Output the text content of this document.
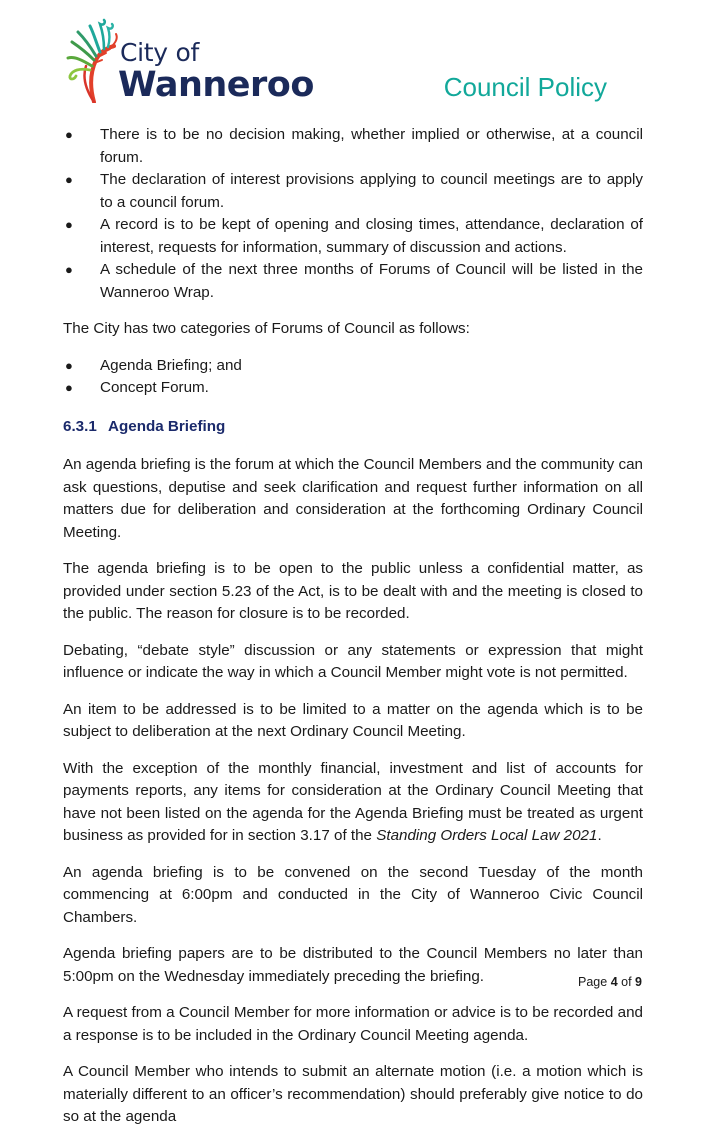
City of
Wanneroo	Council Policy
● There is to be no decision making, whether implied or otherwise, at a council forum.
● The declaration of interest provisions applying to council meetings are to apply to a council forum.
● A record is to be kept of opening and closing times, attendance, declaration of interest, requests for information, summary of discussion and actions.
● A schedule of the next three months of Forums of Council will be listed in the Wanneroo Wrap.

The City has two categories of Forums of Council as follows:

● Agenda Briefing; and
● Concept Forum.
6.3.1 Agenda Briefing

An agenda briefing is the forum at which the Council Members and the community can ask questions, deputise and seek clarification and request further information on all matters due for deliberation and consideration at the forthcoming Ordinary Council Meeting.

The agenda briefing is to be open to the public unless a confidential matter, as provided under section 5.23 of the Act, is to be dealt with and the meeting is closed to the public. The reason for closure is to be recorded.

Debating, “debate style” discussion or any statements or expression that might influence or indicate the way in which a Council Member might vote is not permitted.

An item to be addressed is to be limited to a matter on the agenda which is to be subject to deliberation at the next Ordinary Council Meeting.

With the exception of the monthly financial, investment and list of accounts for payments reports, any items for consideration at the Ordinary Council Meeting that have not been listed on the agenda for the Agenda Briefing must be treated as urgent business as provided for in section 3.17 of the Standing Orders Local Law 2021.

An agenda briefing is to be convened on the second Tuesday of the month commencing at 6:00pm and conducted in the City of Wanneroo Civic Council Chambers.

Agenda briefing papers are to be distributed to the Council Members no later than 5:00pm on the Wednesday immediately preceding the briefing.

A request from a Council Member for more information or advice is to be recorded and a response is to be included in the Ordinary Council Meeting agenda.

A Council Member who intends to submit an alternate motion (i.e. a motion which is materially different to an officer’s recommendation) should preferably give notice to do so at the agenda

Page 4 of 9
